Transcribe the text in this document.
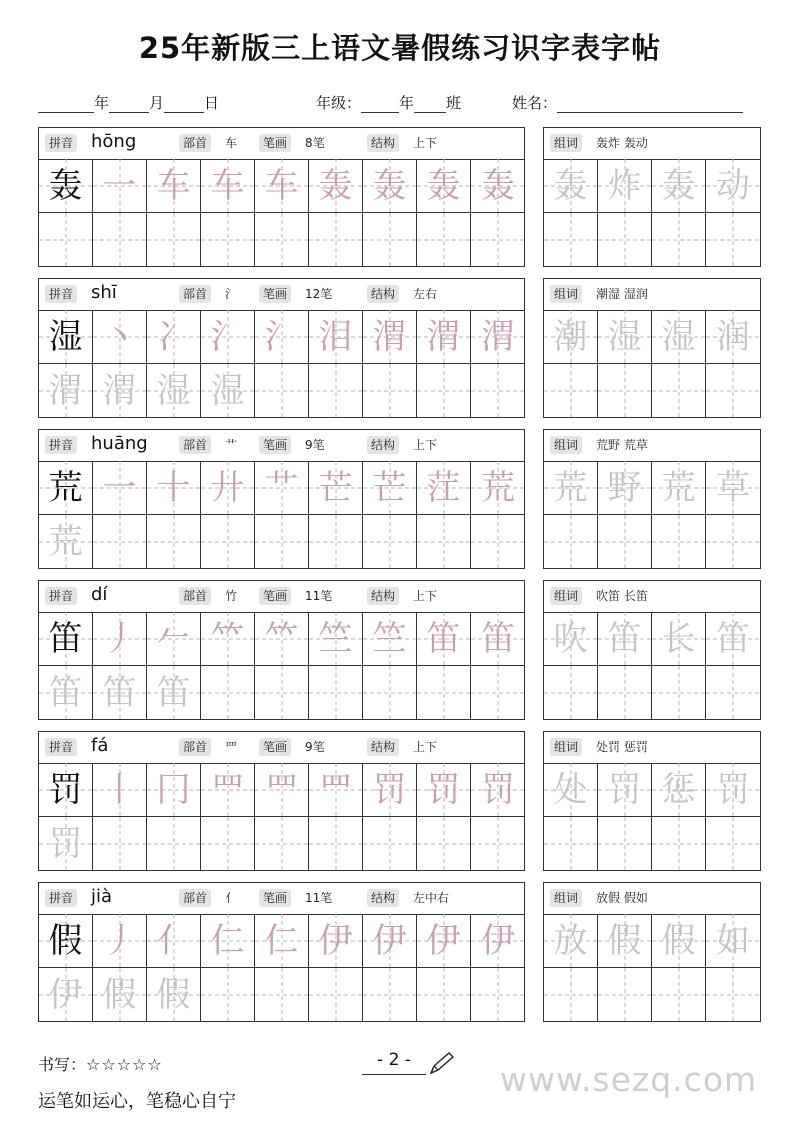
25年新版三上语文暑假练习识字表字帖
年	月	日	年级：	年 班	姓名：
拼音 hōng	部首	车	笔画	8笔	结构	上下
轰 一 车 车 车 轰 轰 轰 轰
组词	轰炸 轰动
轰 炸 轰 动
拼音 shī	部首	氵	笔画	12笔	结构	左右
湿 丶 冫 氵 氵 泪 渭 渭 渭
渭 渭 湿 湿
组词	潮湿 湿润
潮 湿 湿 润
拼音 huāng	部首	艹	笔画	9笔	结构	上下
荒 一 十 廾 艹 芒 芒 茳 荒
荒
组词	荒野 荒草
荒 野 荒 草
拼音 dí	部首	竹	笔画	11笔	结构	上下
笛 丿 𠂉 𥫗 𥫗 竺 竺 笛 笛
笛 笛 笛
组词	吹笛 长笛
吹 笛 长 笛
拼音 fá	部首	罒	笔画	9笔	结构	上下
罚 丨 冂 罒 罒 罒 罚 罚 罚
罚
组词	处罚 惩罚
处 罚 惩 罚
拼音 jià	部首	亻	笔画	11笔	结构	左中右
假 丿 亻 仁 仁 伊 伊 伊 伊
伊 假 假
组词	放假 假如
放 假 假 如
书写：☆☆☆☆☆	- 2 -
运笔如运心，笔稳心自宁
www.sezq.com
